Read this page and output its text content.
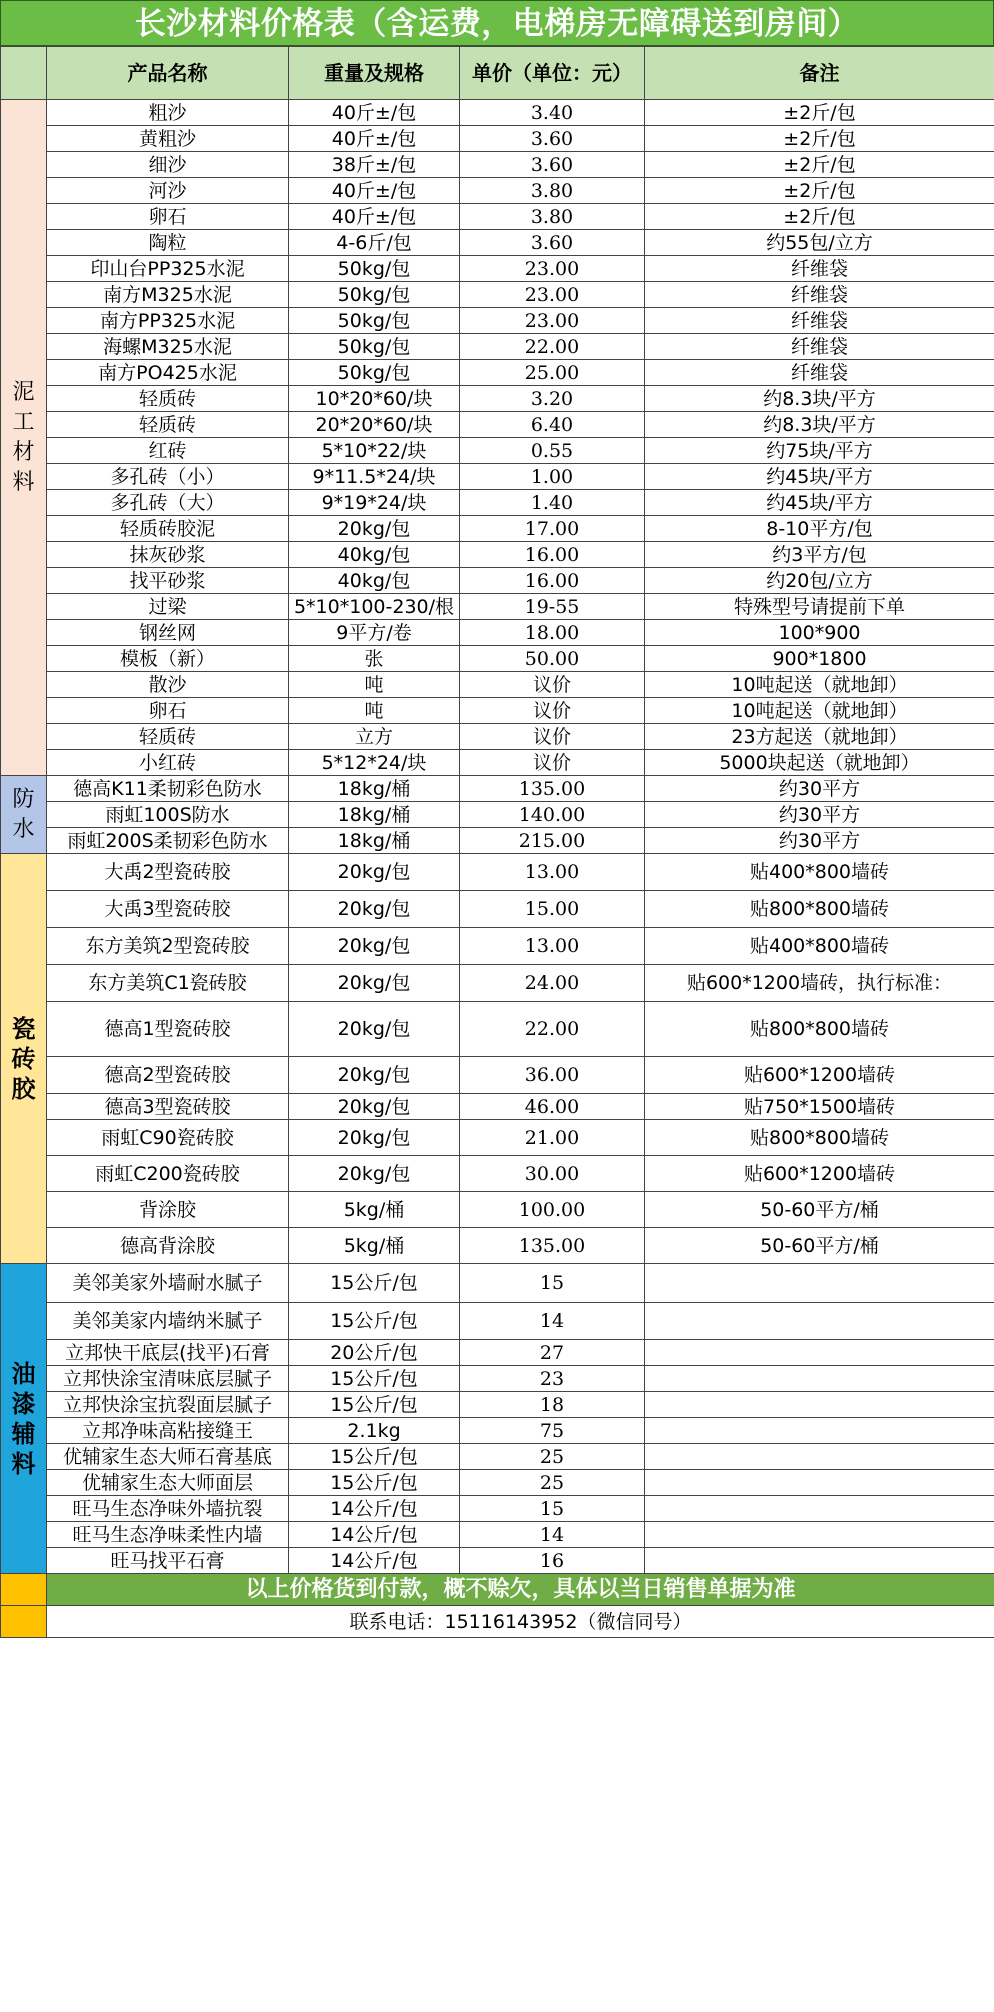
长沙材料价格表（含运费，电梯房无障碍送到房间）
	产品名称	重量及规格	单价（单位：元）	备注
泥工材料	粗沙	40斤±/包	3.40	±2斤/包
	黄粗沙	40斤±/包	3.60	±2斤/包
	细沙	38斤±/包	3.60	±2斤/包
	河沙	40斤±/包	3.80	±2斤/包
	卵石	40斤±/包	3.80	±2斤/包
	陶粒	4-6斤/包	3.60	约55包/立方
	印山台PP325水泥	50kg/包	23.00	纤维袋
	南方M325水泥	50kg/包	23.00	纤维袋
	南方PP325水泥	50kg/包	23.00	纤维袋
	海螺M325水泥	50kg/包	22.00	纤维袋
	南方PO425水泥	50kg/包	25.00	纤维袋
	轻质砖	10*20*60/块	3.20	约8.3块/平方
	轻质砖	20*20*60/块	6.40	约8.3块/平方
	红砖	5*10*22/块	0.55	约75块/平方
	多孔砖（小）	9*11.5*24/块	1.00	约45块/平方
	多孔砖（大）	9*19*24/块	1.40	约45块/平方
	轻质砖胶泥	20kg/包	17.00	8-10平方/包
	抹灰砂浆	40kg/包	16.00	约3平方/包
	找平砂浆	40kg/包	16.00	约20包/立方
	过梁	5*10*100-230/根	19-55	特殊型号请提前下单
	钢丝网	9平方/卷	18.00	100*900
	模板（新）	张	50.00	900*1800
	散沙	吨	议价	10吨起送（就地卸）
	卵石	吨	议价	10吨起送（就地卸）
	轻质砖	立方	议价	23方起送（就地卸）
	小红砖	5*12*24/块	议价	5000块起送（就地卸）
防水	德高K11柔韧彩色防水	18kg/桶	135.00	约30平方
	雨虹100S防水	18kg/桶	140.00	约30平方
	雨虹200S柔韧彩色防水	18kg/桶	215.00	约30平方
瓷砖胶	大禹2型瓷砖胶	20kg/包	13.00	贴400*800墙砖
	大禹3型瓷砖胶	20kg/包	15.00	贴800*800墙砖
	东方美筑2型瓷砖胶	20kg/包	13.00	贴400*800墙砖
	东方美筑C1瓷砖胶	20kg/包	24.00	贴600*1200墙砖，执行标准：
	德高1型瓷砖胶	20kg/包	22.00	贴800*800墙砖
	德高2型瓷砖胶	20kg/包	36.00	贴600*1200墙砖
	德高3型瓷砖胶	20kg/包	46.00	贴750*1500墙砖
	雨虹C90瓷砖胶	20kg/包	21.00	贴800*800墙砖
	雨虹C200瓷砖胶	20kg/包	30.00	贴600*1200墙砖
	背涂胶	5kg/桶	100.00	50-60平方/桶
	德高背涂胶	5kg/桶	135.00	50-60平方/桶
油漆辅料	美邻美家外墙耐水腻子	15公斤/包	15	
	美邻美家内墙纳米腻子	15公斤/包	14	
	立邦快干底层(找平)石膏	20公斤/包	27	
	立邦快涂宝清味底层腻子	15公斤/包	23	
	立邦快涂宝抗裂面层腻子	15公斤/包	18	
	立邦净味高粘接缝王	2.1kg	75	
	优辅家生态大师石膏基底	15公斤/包	25	
	优辅家生态大师面层	15公斤/包	25	
	旺马生态净味外墙抗裂	14公斤/包	15	
	旺马生态净味柔性内墙	14公斤/包	14	
	旺马找平石膏	14公斤/包	16	
	以上价格货到付款，概不赊欠，具体以当日销售单据为准			
	联系电话：15116143952（微信同号）			
